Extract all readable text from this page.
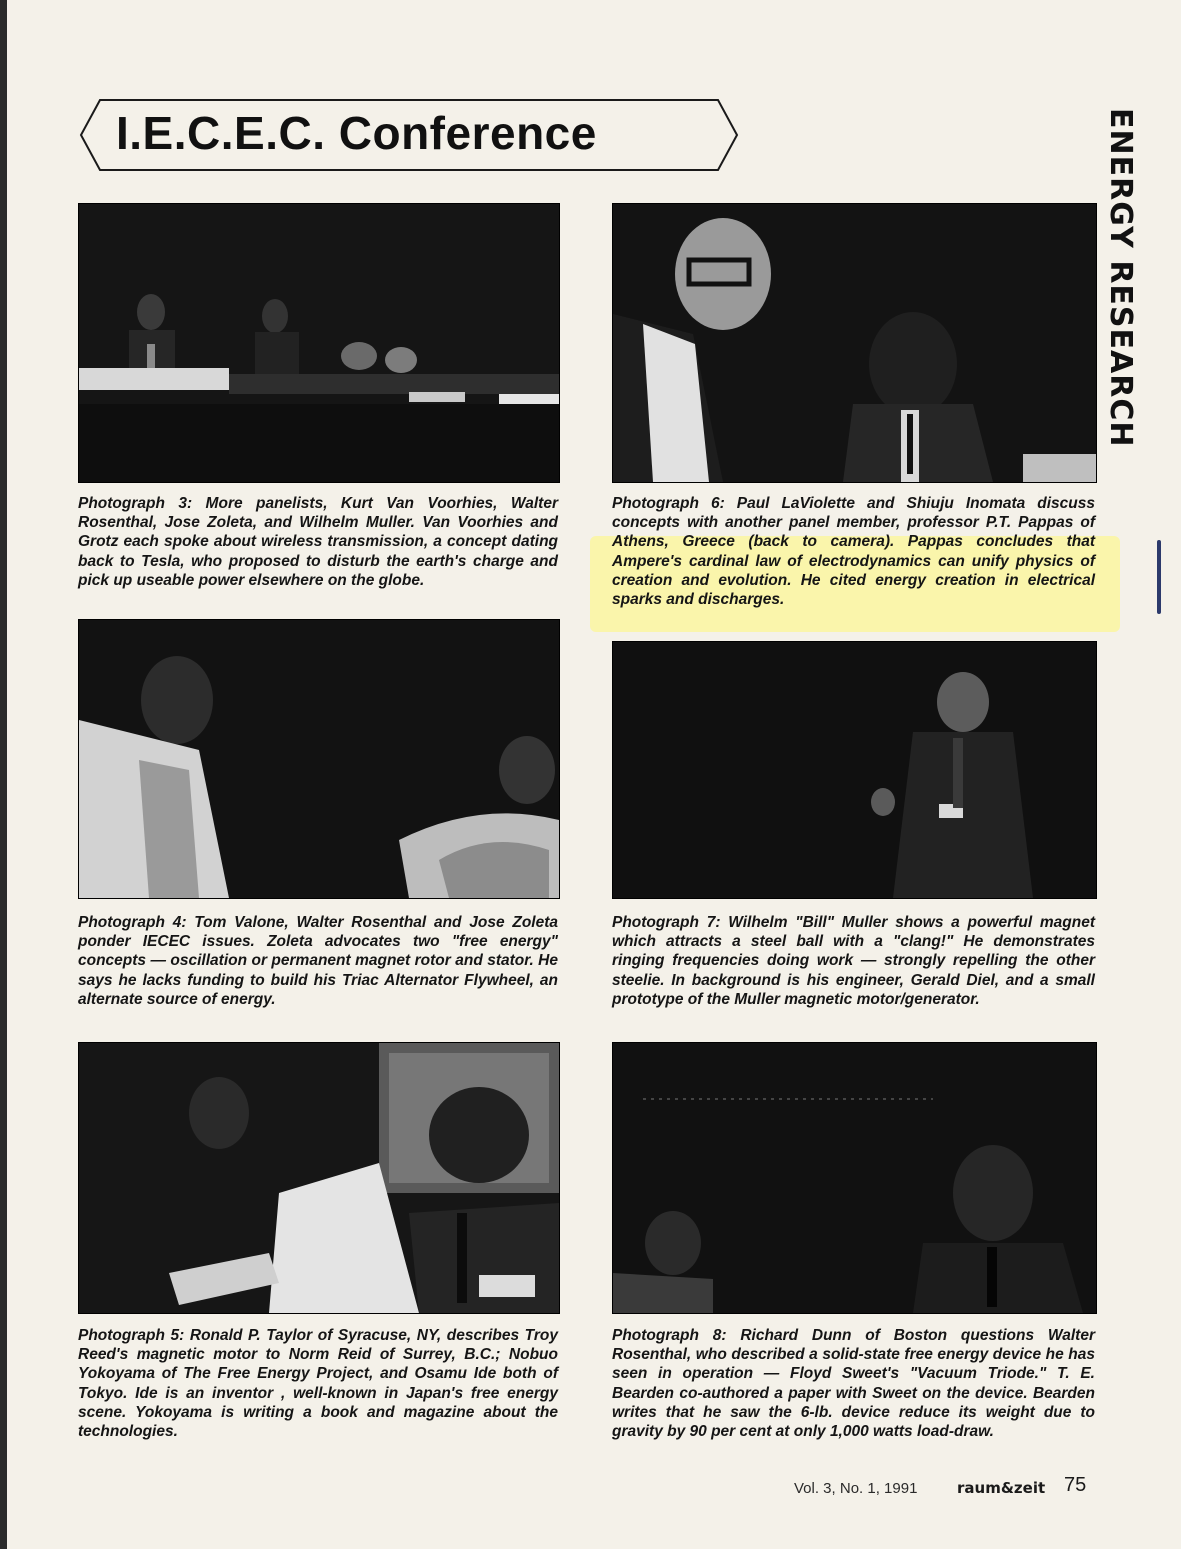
I.E.C.E.C. Conference	ENERGY RESEARCH

Photograph 3: More panelists, Kurt Van Voorhies, Walter Rosenthal, Jose Zoleta, and Wilhelm Muller. Van Voorhies and Grotz each spoke about wireless transmission, a concept dating back to Tesla, who proposed to disturb the earth's charge and pick up useable power elsewhere on the globe.

Photograph 4: Tom Valone, Walter Rosenthal and Jose Zoleta ponder IECEC issues. Zoleta advocates two "free energy" concepts — oscillation or permanent magnet rotor and stator. He says he lacks funding to build his Triac Alternator Flywheel, an alternate source of energy.

Photograph 5: Ronald P. Taylor of Syracuse, NY, describes Troy Reed's magnetic motor to Norm Reid of Surrey, B.C.; Nobuo Yokoyama of The Free Energy Project, and Osamu Ide both of Tokyo. Ide is an inventor , well-known in Japan's free energy scene. Yokoyama is writing a book and magazine about the technologies.

Photograph 6: Paul LaViolette and Shiuju Inomata discuss concepts with another panel member, professor P.T. Pappas of Athens, Greece (back to camera). Pappas concludes that Ampere's cardinal law of electrodynamics can unify physics of creation and evolution. He cited energy creation in electrical sparks and discharges.

Photograph 7: Wilhelm "Bill" Muller shows a powerful magnet which attracts a steel ball with a "clang!" He demonstrates ringing frequencies doing work — strongly repelling the other steelie. In background is his engineer, Gerald Diel, and a small prototype of the Muller magnetic motor/generator.

Photograph 8: Richard Dunn of Boston questions Walter Rosenthal, who described a solid-state free energy device he has seen in operation — Floyd Sweet's "Vacuum Triode." T. E. Bearden co-authored a paper with Sweet on the device. Bearden writes that he saw the 6-lb. device reduce its weight due to gravity by 90 per cent at only 1,000 watts load-draw.

Vol. 3, No. 1, 1991	raum&zeit 75
